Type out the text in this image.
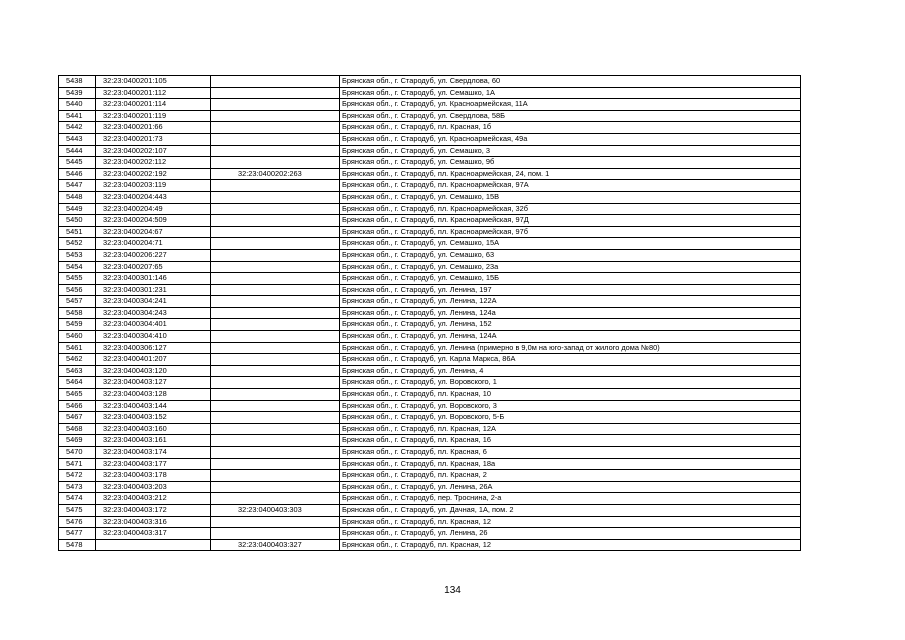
5438	32:23:0400201:105		Брянская обл., г. Стародуб, ул. Свердлова, 60
5439	32:23:0400201:112		Брянская обл., г. Стародуб, ул. Семашко, 1А
5440	32:23:0400201:114		Брянская обл., г. Стародуб, ул. Красноармейская, 11А
5441	32:23:0400201:119		Брянская обл., г. Стародуб, ул. Свердлова, 58Б
5442	32:23:0400201:66		Брянская обл., г. Стародуб, пл. Красная, 1б
5443	32:23:0400201:73		Брянская обл., г. Стародуб, ул. Красноармейская, 49а
5444	32:23:0400202:107		Брянская обл., г. Стародуб, ул. Семашко, 3
5445	32:23:0400202:112		Брянская обл., г. Стародуб, ул. Семашко, 9б
5446	32:23:0400202:192	32:23:0400202:263	Брянская обл., г. Стародуб, пл. Красноармейская, 24, пом. 1
5447	32:23:0400203:119		Брянская обл., г. Стародуб, пл. Красноармейская, 97А
5448	32:23:0400204:443		Брянская обл., г. Стародуб, ул. Семашко, 15В
5449	32:23:0400204:49		Брянская обл., г. Стародуб, пл. Красноармейская, 32б
5450	32:23:0400204:509		Брянская обл., г. Стародуб, пл. Красноармейская, 97Д
5451	32:23:0400204:67		Брянская обл., г. Стародуб, пл. Красноармейская, 97б
5452	32:23:0400204:71		Брянская обл., г. Стародуб, ул. Семашко, 15А
5453	32:23:0400206:227		Брянская обл., г. Стародуб, ул. Семашко, 63
5454	32:23:0400207:65		Брянская обл., г. Стародуб, ул. Семашко, 23а
5455	32:23:0400301:146		Брянская обл., г. Стародуб, ул. Семашко, 15Б
5456	32:23:0400301:231		Брянская обл., г. Стародуб, ул. Ленина, 197
5457	32:23:0400304:241		Брянская обл., г. Стародуб, ул. Ленина, 122А
5458	32:23:0400304:243		Брянская обл., г. Стародуб, ул. Ленина, 124а
5459	32:23:0400304:401		Брянская обл., г. Стародуб, ул. Ленина, 152
5460	32:23:0400304:410		Брянская обл., г. Стародуб, ул. Ленина, 124А
5461	32:23:0400306:127		Брянская обл., г. Стародуб, ул. Ленина (примерно в 9,0м на юго-запад от жилого дома №80)
5462	32:23:0400401:207		Брянская обл., г. Стародуб, ул. Карла Маркса, 86А
5463	32:23:0400403:120		Брянская обл., г. Стародуб, ул. Ленина, 4
5464	32:23:0400403:127		Брянская обл., г. Стародуб, ул. Воровского, 1
5465	32:23:0400403:128		Брянская обл., г. Стародуб, пл. Красная, 10
5466	32:23:0400403:144		Брянская обл., г. Стародуб, ул. Воровского, 3
5467	32:23:0400403:152		Брянская обл., г. Стародуб, ул. Воровского, 5-Б
5468	32:23:0400403:160		Брянская обл., г. Стародуб, пл. Красная, 12А
5469	32:23:0400403:161		Брянская обл., г. Стародуб, пл. Красная, 16
5470	32:23:0400403:174		Брянская обл., г. Стародуб, пл. Красная, 6
5471	32:23:0400403:177		Брянская обл., г. Стародуб, пл. Красная, 18а
5472	32:23:0400403:178		Брянская обл., г. Стародуб, пл. Красная, 2
5473	32:23:0400403:203		Брянская обл., г. Стародуб, ул. Ленина, 26А
5474	32:23:0400403:212		Брянская обл., г. Стародуб, пер. Троснина, 2-а
5475	32:23:0400403:172	32:23:0400403:303	Брянская обл., г. Стародуб, ул. Дачная, 1А, пом. 2
5476	32:23:0400403:316		Брянская обл., г. Стародуб, пл. Красная, 12
5477	32:23:0400403:317		Брянская обл., г. Стародуб, ул. Ленина, 26
5478		32:23:0400403:327	Брянская обл., г. Стародуб, пл. Красная, 12
134
